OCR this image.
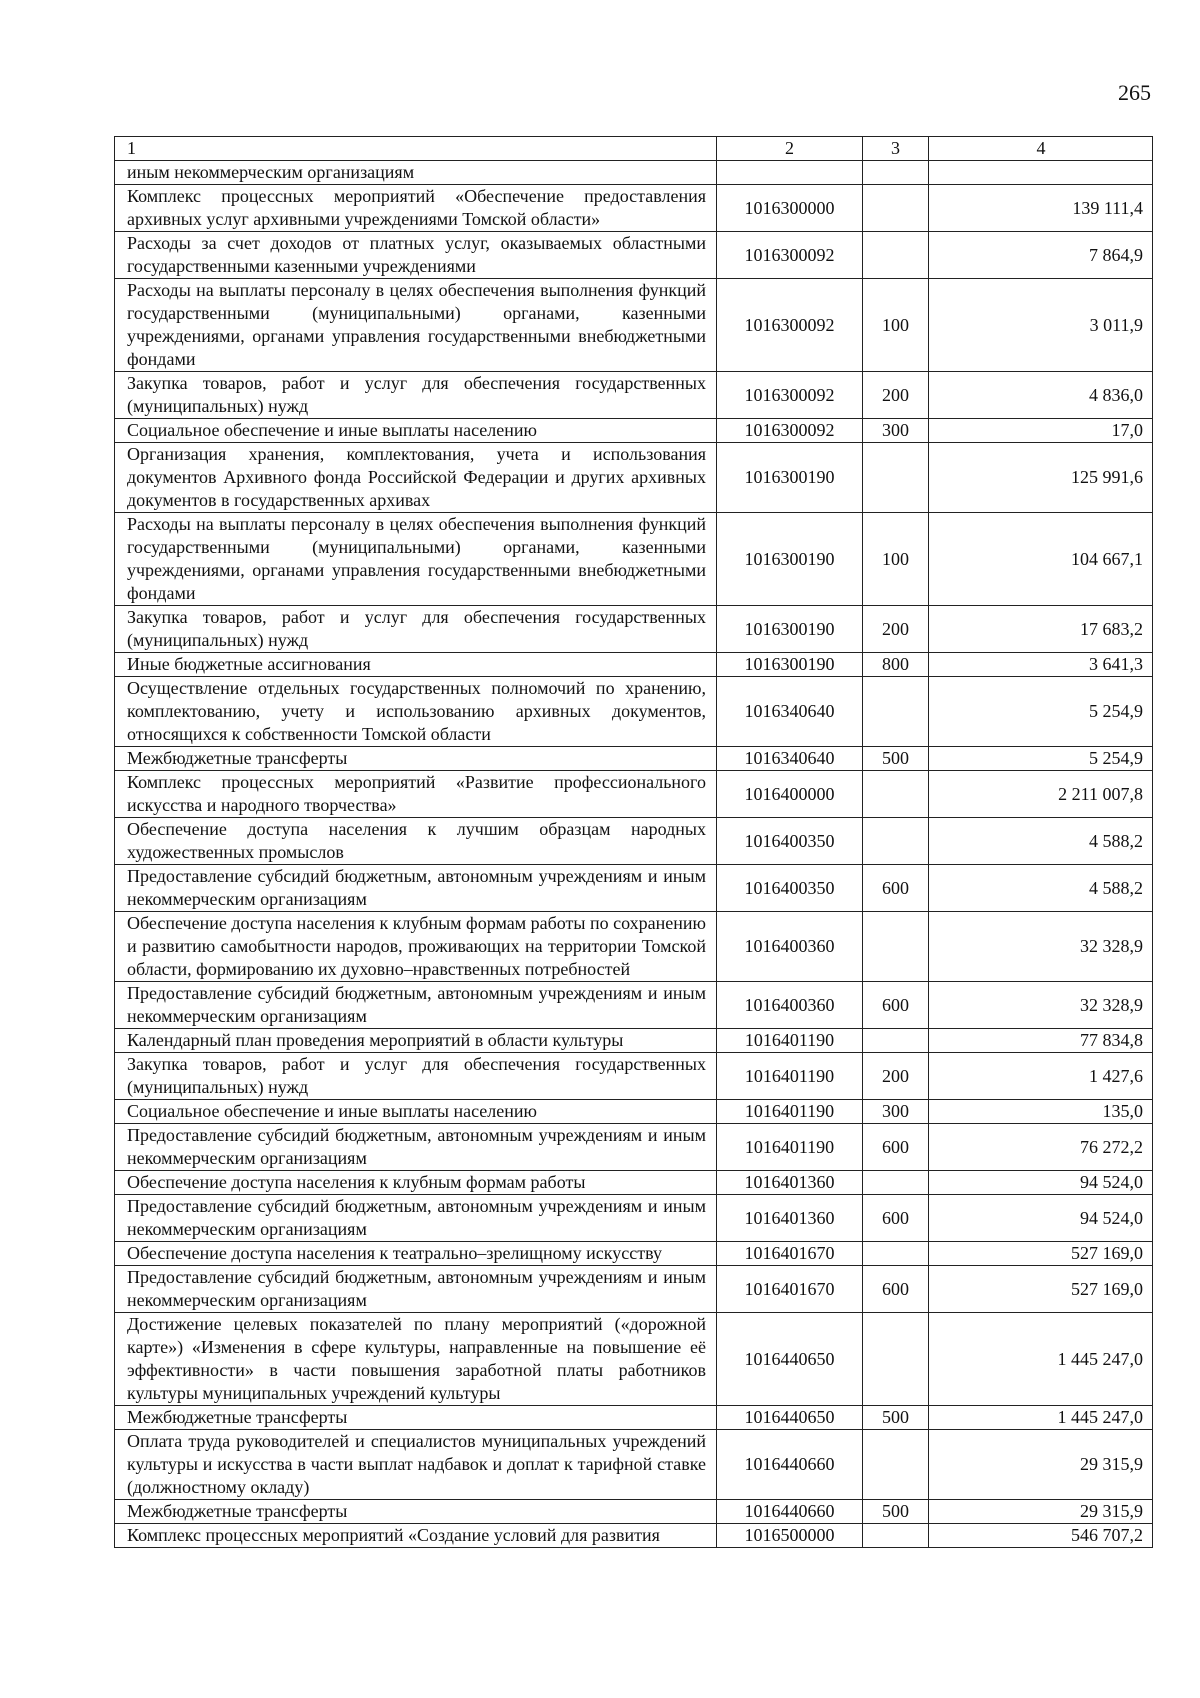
265
1	2	3	4
иным некоммерческим организациям			
Комплекс процессных мероприятий «Обеспечение предоставления архивных услуг архивными учреждениями Томской области»	1016300000		139 111,4
Расходы за счет доходов от платных услуг, оказываемых областными государственными казенными учреждениями	1016300092		7 864,9
Расходы на выплаты персоналу в целях обеспечения выполнения функций государственными (муниципальными) органами, казенными учреждениями, органами управления государственными внебюджетными фондами	1016300092	100	3 011,9
Закупка товаров, работ и услуг для обеспечения государственных (муниципальных) нужд	1016300092	200	4 836,0
Социальное обеспечение и иные выплаты населению	1016300092	300	17,0
Организация хранения, комплектования, учета и использования документов Архивного фонда Российской Федерации и других архивных документов в государственных архивах	1016300190		125 991,6
Расходы на выплаты персоналу в целях обеспечения выполнения функций государственными (муниципальными) органами, казенными учреждениями, органами управления государственными внебюджетными фондами	1016300190	100	104 667,1
Закупка товаров, работ и услуг для обеспечения государственных (муниципальных) нужд	1016300190	200	17 683,2
Иные бюджетные ассигнования	1016300190	800	3 641,3
Осуществление отдельных государственных полномочий по хранению, комплектованию, учету и использованию архивных документов, относящихся к собственности Томской области	1016340640		5 254,9
Межбюджетные трансферты	1016340640	500	5 254,9
Комплекс процессных мероприятий «Развитие профессионального искусства и народного творчества»	1016400000		2 211 007,8
Обеспечение доступа населения к лучшим образцам народных художественных промыслов	1016400350		4 588,2
Предоставление субсидий бюджетным, автономным учреждениям и иным некоммерческим организациям	1016400350	600	4 588,2
Обеспечение доступа населения к клубным формам работы по сохранению и развитию самобытности народов, проживающих на территории Томской области, формированию их духовно–нравственных потребностей	1016400360		32 328,9
Предоставление субсидий бюджетным, автономным учреждениям и иным некоммерческим организациям	1016400360	600	32 328,9
Календарный план проведения мероприятий в области культуры	1016401190		77 834,8
Закупка товаров, работ и услуг для обеспечения государственных (муниципальных) нужд	1016401190	200	1 427,6
Социальное обеспечение и иные выплаты населению	1016401190	300	135,0
Предоставление субсидий бюджетным, автономным учреждениям и иным некоммерческим организациям	1016401190	600	76 272,2
Обеспечение доступа населения к клубным формам работы	1016401360		94 524,0
Предоставление субсидий бюджетным, автономным учреждениям и иным некоммерческим организациям	1016401360	600	94 524,0
Обеспечение доступа населения к театрально–зрелищному искусству	1016401670		527 169,0
Предоставление субсидий бюджетным, автономным учреждениям и иным некоммерческим организациям	1016401670	600	527 169,0
Достижение целевых показателей по плану мероприятий («дорожной карте») «Изменения в сфере культуры, направленные на повышение её эффективности» в части повышения заработной платы работников культуры муниципальных учреждений культуры	1016440650		1 445 247,0
Межбюджетные трансферты	1016440650	500	1 445 247,0
Оплата труда руководителей и специалистов муниципальных учреждений культуры и искусства в части выплат надбавок и доплат к тарифной ставке (должностному окладу)	1016440660		29 315,9
Межбюджетные трансферты	1016440660	500	29 315,9
Комплекс процессных мероприятий «Создание условий для развития	1016500000		546 707,2
